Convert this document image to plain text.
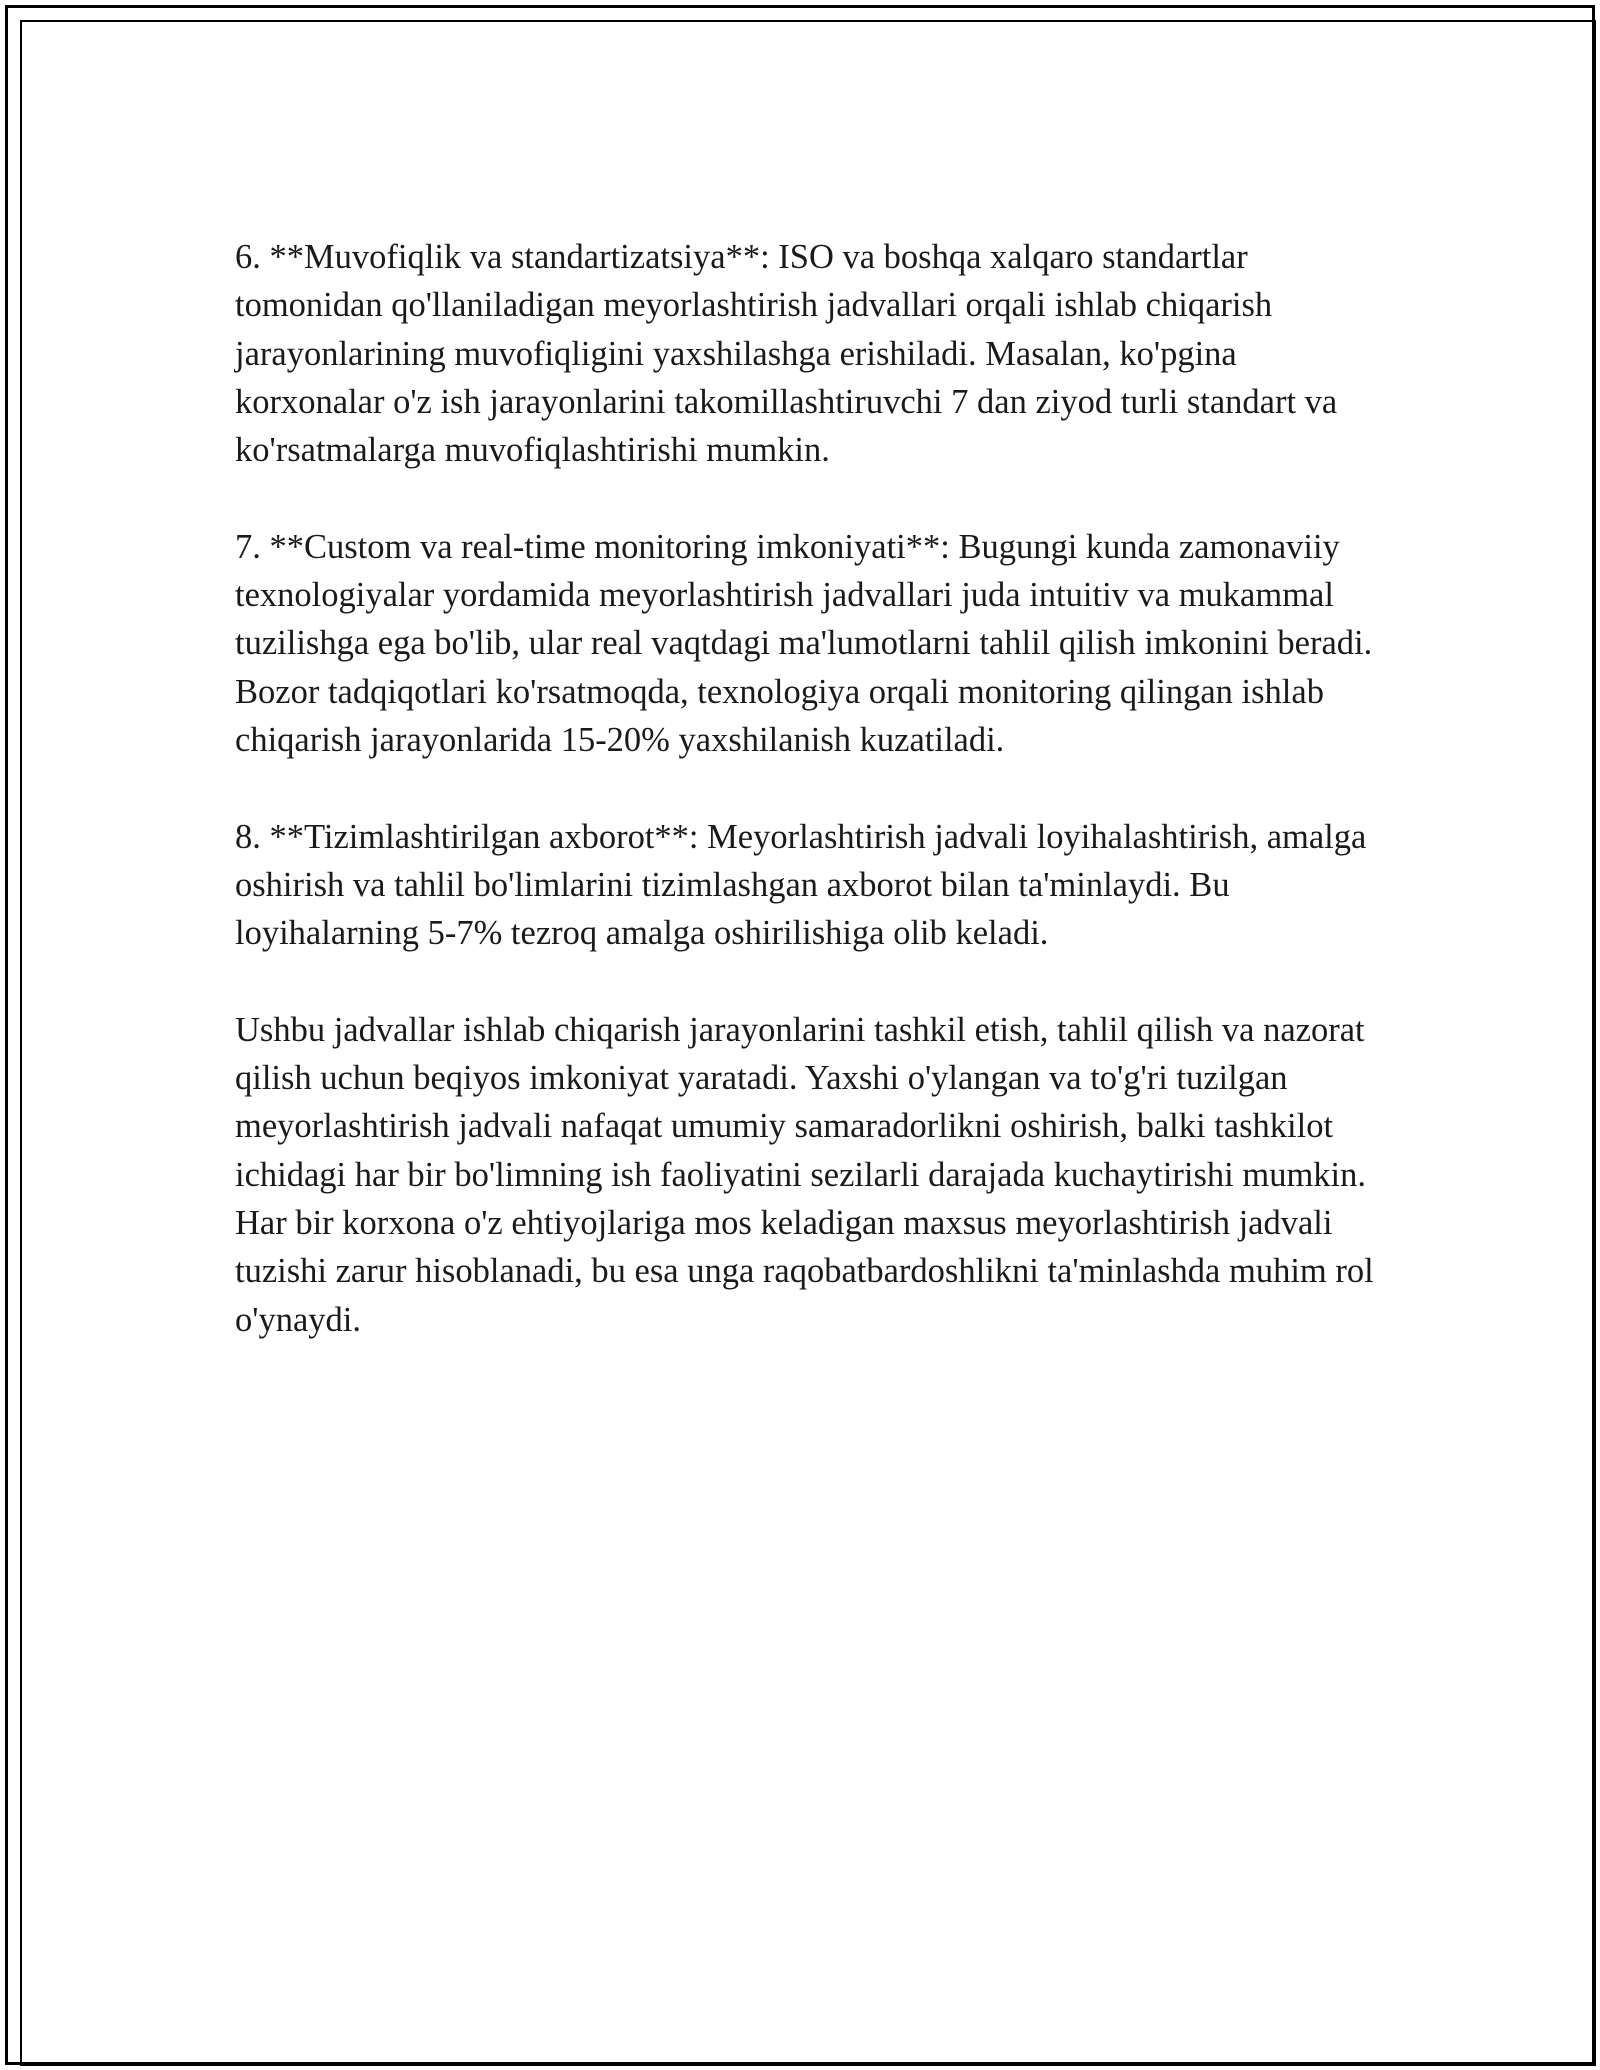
6. **Muvofiqlik va standartizatsiya**: ISO va boshqa xalqaro standartlar tomonidan qo'llaniladigan meyorlashtirish jadvallari orqali ishlab chiqarish jarayonlarining muvofiqligini yaxshilashga erishiladi. Masalan, ko'pgina korxonalar o'z ish jarayonlarini takomillashtiruvchi 7 dan ziyod turli standart va ko'rsatmalarga muvofiqlashtirishi mumkin.

7. **Custom va real-time monitoring imkoniyati**: Bugungi kunda zamonaviiy texnologiyalar yordamida meyorlashtirish jadvallari juda intuitiv va mukammal tuzilishga ega bo'lib, ular real vaqtdagi ma'lumotlarni tahlil qilish imkonini beradi. Bozor tadqiqotlari ko'rsatmoqda, texnologiya orqali monitoring qilingan ishlab chiqarish jarayonlarida 15-20% yaxshilanish kuzatiladi.

8. **Tizimlashtirilgan axborot**: Meyorlashtirish jadvali loyihalashtirish, amalga oshirish va tahlil bo'limlarini tizimlashgan axborot bilan ta'minlaydi. Bu loyihalarning 5-7% tezroq amalga oshirilishiga olib keladi.

Ushbu jadvallar ishlab chiqarish jarayonlarini tashkil etish, tahlil qilish va nazorat qilish uchun beqiyos imkoniyat yaratadi. Yaxshi o'ylangan va to'g'ri tuzilgan meyorlashtirish jadvali nafaqat umumiy samaradorlikni oshirish, balki tashkilot ichidagi har bir bo'limning ish faoliyatini sezilarli darajada kuchaytirishi mumkin. Har bir korxona o'z ehtiyojlariga mos keladigan maxsus meyorlashtirish jadvali tuzishi zarur hisoblanadi, bu esa unga raqobatbardoshlikni ta'minlashda muhim rol o'ynaydi.
